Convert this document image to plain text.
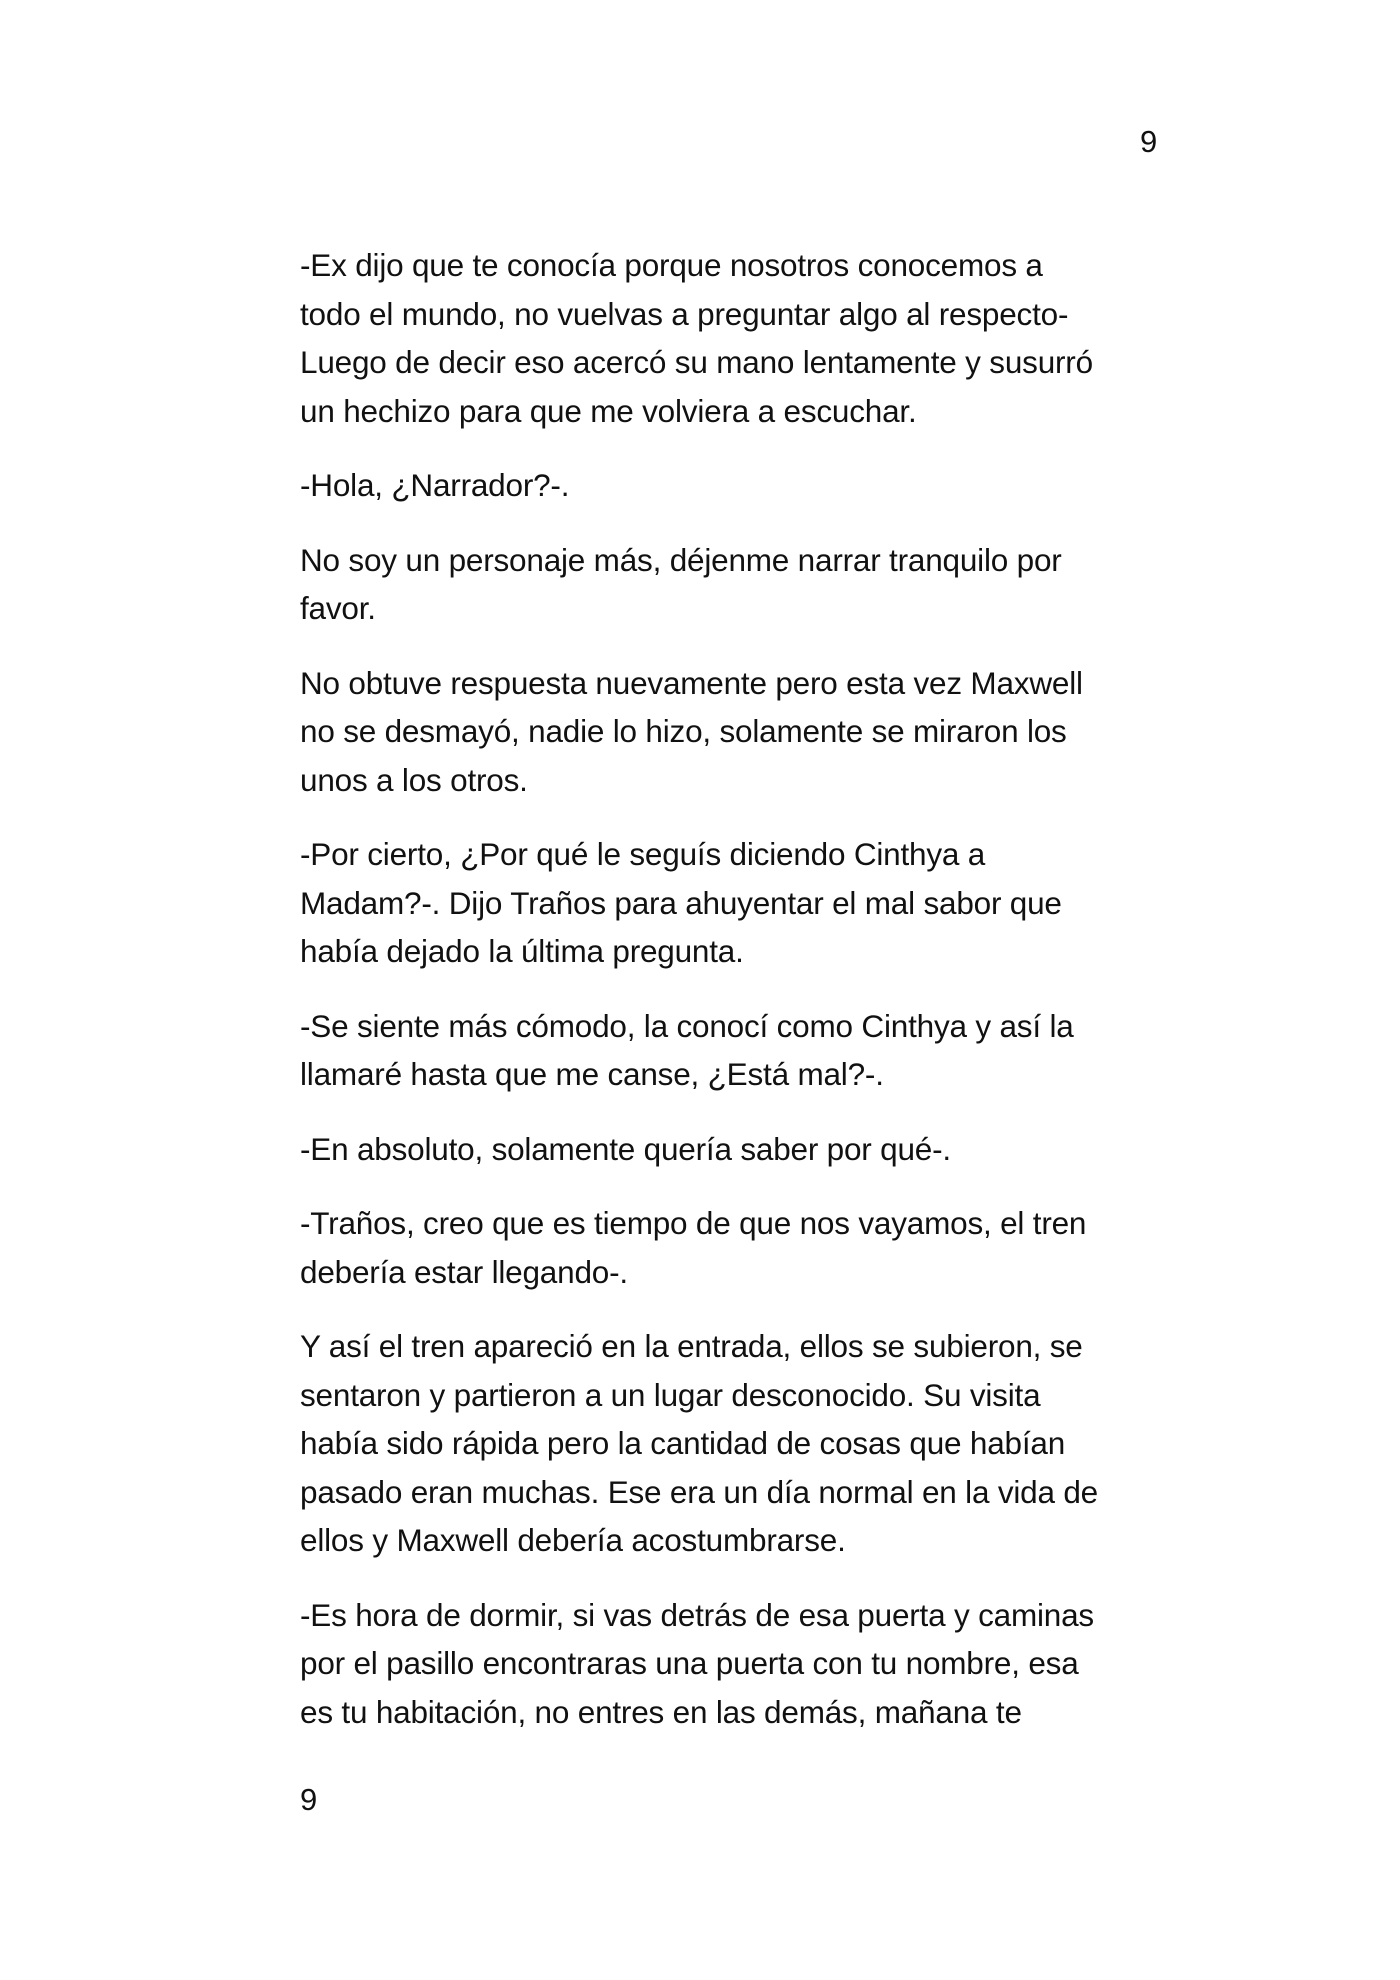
9

-Ex dijo que te conocía porque nosotros conocemos a
todo el mundo, no vuelvas a preguntar algo al respecto-
Luego de decir eso acercó su mano lentamente y susurró
un hechizo para que me volviera a escuchar.

-Hola, ¿Narrador?-.

No soy un personaje más, déjenme narrar tranquilo por
favor.

No obtuve respuesta nuevamente pero esta vez Maxwell
no se desmayó, nadie lo hizo, solamente se miraron los
unos a los otros.

-Por cierto, ¿Por qué le seguís diciendo Cinthya a
Madam?-. Dijo Traños para ahuyentar el mal sabor que
había dejado la última pregunta.

-Se siente más cómodo, la conocí como Cinthya y así la
llamaré hasta que me canse, ¿Está mal?-.

-En absoluto, solamente quería saber por qué-.

-Traños, creo que es tiempo de que nos vayamos, el tren
debería estar llegando-.

Y así el tren apareció en la entrada, ellos se subieron, se
sentaron y partieron a un lugar desconocido. Su visita
había sido rápida pero la cantidad de cosas que habían
pasado eran muchas. Ese era un día normal en la vida de
ellos y Maxwell debería acostumbrarse.

-Es hora de dormir, si vas detrás de esa puerta y caminas
por el pasillo encontraras una puerta con tu nombre, esa
es tu habitación, no entres en las demás, mañana te

9
